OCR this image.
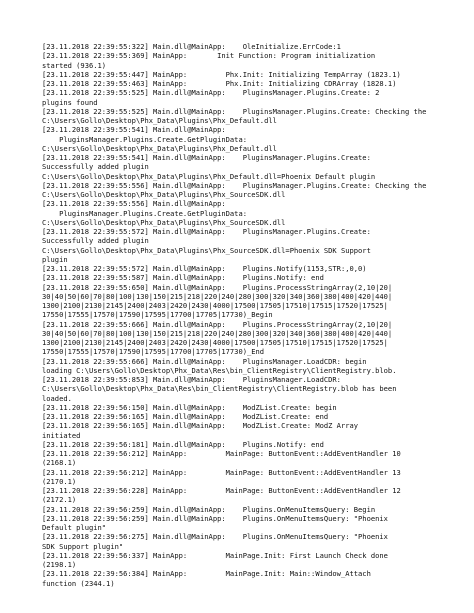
[23.11.2018 22:39:55:322] Main.dll@MainApp:    OleInitialize.ErrCode:1
[23.11.2018 22:39:55:369] MainApp:       Init Function: Program initialization
started (936.1)
[23.11.2018 22:39:55:447] MainApp:         Phx.Init: Initializing TempArray (1823.1)
[23.11.2018 22:39:55:463] MainApp:         Phx.Init: Initializing CDRArray (1828.1)
[23.11.2018 22:39:55:525] Main.dll@MainApp:    PluginsManager.Plugins.Create: 2
plugins found
[23.11.2018 22:39:55:525] Main.dll@MainApp:    PluginsManager.Plugins.Create: Checking the
C:\Users\Gollo\Desktop\Phx_Data\Plugins\Phx_Default.dll
[23.11.2018 22:39:55:541] Main.dll@MainApp:
PluginsManager.Plugins.Create.GetPluginData:
C:\Users\Gollo\Desktop\Phx_Data\Plugins\Phx_Default.dll
[23.11.2018 22:39:55:541] Main.dll@MainApp:    PluginsManager.Plugins.Create:
Successfully added plugin
C:\Users\Gollo\Desktop\Phx_Data\Plugins\Phx_Default.dll=Phoenix Default plugin
[23.11.2018 22:39:55:556] Main.dll@MainApp:    PluginsManager.Plugins.Create: Checking the
C:\Users\Gollo\Desktop\Phx_Data\Plugins\Phx_SourceSDK.dll
[23.11.2018 22:39:55:556] Main.dll@MainApp:
PluginsManager.Plugins.Create.GetPluginData:
C:\Users\Gollo\Desktop\Phx_Data\Plugins\Phx_SourceSDK.dll
[23.11.2018 22:39:55:572] Main.dll@MainApp:    PluginsManager.Plugins.Create:
Successfully added plugin
C:\Users\Gollo\Desktop\Phx_Data\Plugins\Phx_SourceSDK.dll=Phoenix SDK Support
plugin
[23.11.2018 22:39:55:572] Main.dll@MainApp:    Plugins.Notify(1153,STR:,0,0)
[23.11.2018 22:39:55:587] Main.dll@MainApp:    Plugins.Notify: end
[23.11.2018 22:39:55:650] Main.dll@MainApp:    Plugins.ProcessStringArray(2,10|20|
30|40|50|60|70|80|100|130|150|215|218|220|240|280|300|320|340|360|380|400|420|440|
1300|2100|2130|2145|2400|2403|2420|2430|4000|17500|17505|17510|17515|17520|17525|
17550|17555|17570|17590|17595|17700|17705|17730)_Begin
[23.11.2018 22:39:55:666] Main.dll@MainApp:    Plugins.ProcessStringArray(2,10|20|
30|40|50|60|70|80|100|130|150|215|218|220|240|280|300|320|340|360|380|400|420|440|
1300|2100|2130|2145|2400|2403|2420|2430|4000|17500|17505|17510|17515|17520|17525|
17550|17555|17570|17590|17595|17700|17705|17730)_End
[23.11.2018 22:39:55:666] Main.dll@MainApp:    PluginsManager.LoadCDR: begin
loading C:\Users\Gollo\Desktop\Phx_Data\Res\bin_ClientRegistry\ClientRegistry.blob.
[23.11.2018 22:39:55:853] Main.dll@MainApp:    PluginsManager.LoadCDR:
C:\Users\Gollo\Desktop\Phx_Data\Res\bin_ClientRegistry\ClientRegistry.blob has been
loaded.
[23.11.2018 22:39:56:150] Main.dll@MainApp:    ModZList.Create: begin
[23.11.2018 22:39:56:165] Main.dll@MainApp:    ModZList.Create: end
[23.11.2018 22:39:56:165] Main.dll@MainApp:    ModZList.Create: ModZ Array
initiated
[23.11.2018 22:39:56:181] Main.dll@MainApp:    Plugins.Notify: end
[23.11.2018 22:39:56:212] MainApp:         MainPage: ButtonEvent::AddEventHandler 10
(2168.1)
[23.11.2018 22:39:56:212] MainApp:         MainPage: ButtonEvent::AddEventHandler 13
(2170.1)
[23.11.2018 22:39:56:228] MainApp:         MainPage: ButtonEvent::AddEventHandler 12
(2172.1)
[23.11.2018 22:39:56:259] Main.dll@MainApp:    Plugins.OnMenuItemsQuery: Begin
[23.11.2018 22:39:56:259] Main.dll@MainApp:    Plugins.OnMenuItemsQuery: "Phoenix
Default plugin"
[23.11.2018 22:39:56:275] Main.dll@MainApp:    Plugins.OnMenuItemsQuery: "Phoenix
SDK Support plugin"
[23.11.2018 22:39:56:337] MainApp:         MainPage.Init: First Launch Check done
(2198.1)
[23.11.2018 22:39:56:384] MainApp:         MainPage.Init: Main::Window_Attach
function (2344.1)
